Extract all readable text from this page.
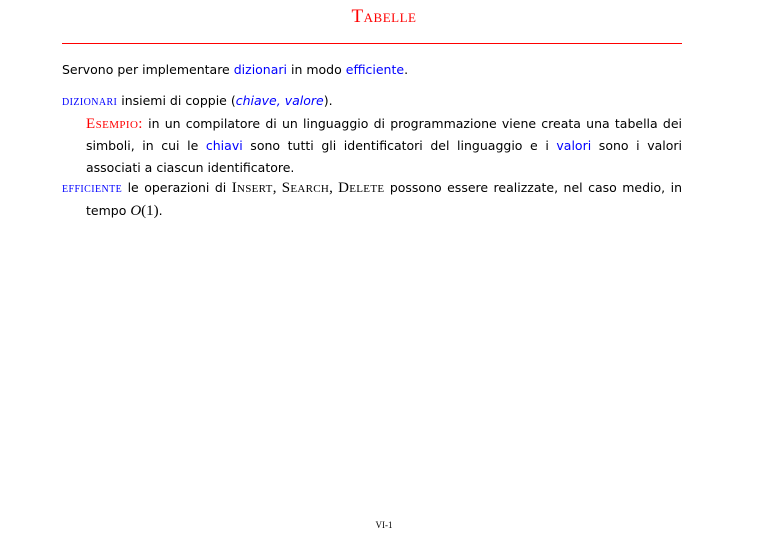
Tabelle
Servono per implementare dizionari in modo efficiente.
dizionari insiemi di coppie (chiave, valore).
Esempio: in un compilatore di un linguaggio di programmazione viene creata una tabella dei simboli, in cui le chiavi sono tutti gli identificatori del linguaggio e i valori sono i valori associati a ciascun identificatore.
efficiente le operazioni di Insert, Search, Delete possono essere realizzate, nel caso medio, in tempo O(1).
VI-1
